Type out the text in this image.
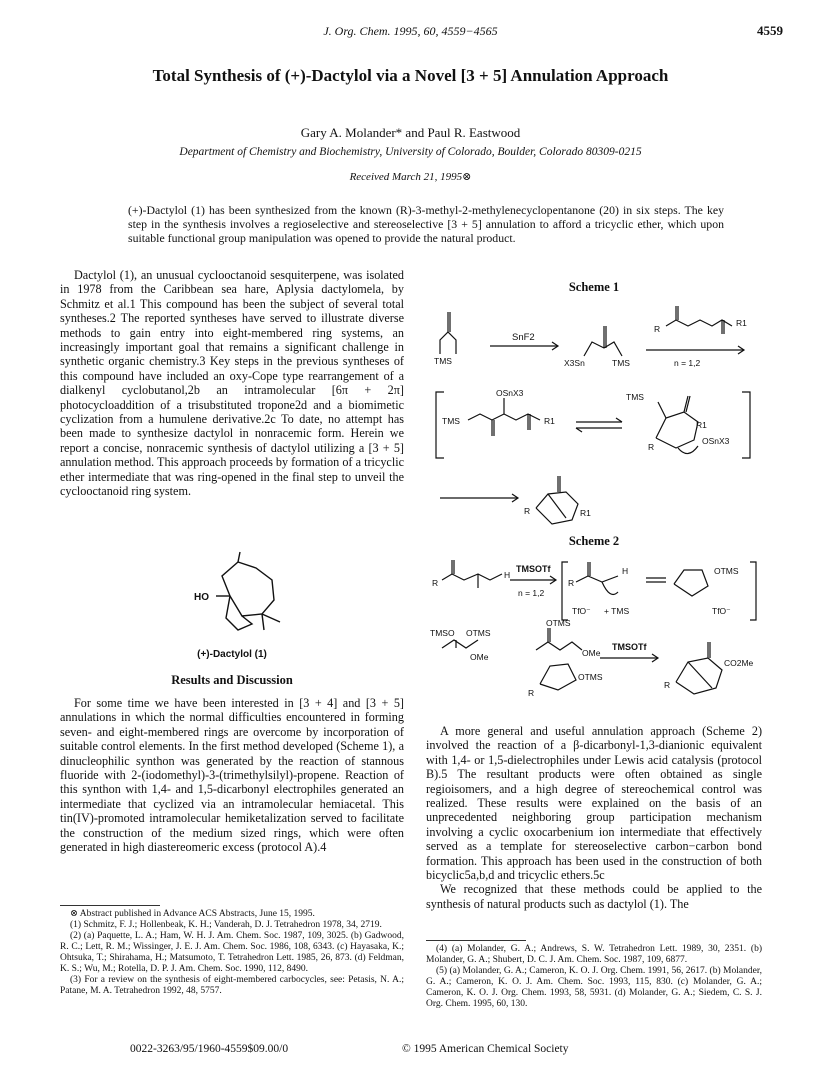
J. Org. Chem. 1995, 60, 4559−4565	4559
Total Synthesis of (+)-Dactylol via a Novel [3 + 5] Annulation Approach
Gary A. Molander* and Paul R. Eastwood
Department of Chemistry and Biochemistry, University of Colorado, Boulder, Colorado 80309-0215
Received March 21, 1995⊗
(+)-Dactylol (1) has been synthesized from the known (R)-3-methyl-2-methylenecyclopentanone (20) in six steps. The key step in the synthesis involves a regioselective and stereoselective [3 + 5] annulation to afford a tricyclic ether, which upon suitable functional group manipulation was opened to provide the natural product.

Dactylol (1), an unusual cyclooctanoid sesquiterpene, was isolated in 1978 from the Caribbean sea hare, Aplysia dactylomela, by Schmitz et al.1 This compound has been the subject of several total syntheses.2 The reported syntheses have served to illustrate diverse methods to gain entry into eight-membered ring systems, an increasingly important goal that remains a significant challenge in synthetic organic chemistry.3 Key steps in the previous syntheses of this compound have included an oxy-Cope type rearrangement of a dialkenyl cyclobutanol,2b an intramolecular [6π + 2π] photocycloaddition of a trisubstituted tropone2d and a biomimetic cyclization from a humulene derivative.2c To date, no attempt has been made to synthesize dactylol in nonracemic form. Herein we report a concise, nonracemic synthesis of dactylol utilizing a [3 + 5] annulation method. This approach proceeds by formation of a tricyclic ether intermediate that was ring-opened in the final step to unveil the cyclooctanoid ring system.

HO
(+)-Dactylol (1)
Results and Discussion

For some time we have been interested in [3 + 4] and [3 + 5] annulations in which the normal difficulties encountered in forming seven- and eight-membered rings are overcome by incorporation of suitable control elements. In the first method developed (Scheme 1), a dinucleophilic synthon was generated by the reaction of stannous fluoride with 2-(iodomethyl)-3-(trimethylsilyl)-propene. Reaction of this synthon with 1,4- and 1,5-dicarbonyl electrophiles generated an intermediate that cyclized via an intramolecular hemiacetal. This tin(IV)-promoted intramolecular hemiketalization served to facilitate the construction of the medium sized rings, which were often generated in high diastereomeric excess (protocol A).4

⊗ Abstract published in Advance ACS Abstracts, June 15, 1995.

(1) Schmitz, F. J.; Hollenbeak, K. H.; Vanderah, D. J. Tetrahedron 1978, 34, 2719.

(2) (a) Paquette, L. A.; Ham, W. H. J. Am. Chem. Soc. 1987, 109, 3025. (b) Gadwood, R. C.; Lett, R. M.; Wissinger, J. E. J. Am. Chem. Soc. 1986, 108, 6343. (c) Hayasaka, K.; Ohtsuka, T.; Shirahama, H.; Matsumoto, T. Tetrahedron Lett. 1985, 26, 873. (d) Feldman, K. S.; Wu, M.; Rotella, D. P. J. Am. Chem. Soc. 1990, 112, 8490.

(3) For a review on the synthesis of eight-membered carbocycles, see: Petasis, N. A.; Patane, M. A. Tetrahedron 1992, 48, 5757.

Scheme 1
TMS
SnF2
X3Sn	TMS
R
R1
n = 1,2
TMS
OSnX3
R1
TMS
R1
OSnX3
R
R	R1
Scheme 2
R
H
TMSOTf
n = 1,2
R
H
TfO⁻ + TMS
OTMS
TfO⁻
TMSO OTMS
OMe
OTMS
OMe
OTMS
R
TMSOTf
CO2Me
R

A more general and useful annulation approach (Scheme 2) involved the reaction of a β-dicarbonyl-1,3-dianionic equivalent with 1,4- or 1,5-dielectrophiles under Lewis acid catalysis (protocol B).5 The resultant products were often obtained as single regioisomers, and a high degree of stereochemical control was realized. These results were explained on the basis of an unprecedented neighboring group participation mechanism involving a cyclic oxocarbenium ion intermediate that effectively served as a template for stereoselective carbon−carbon bond formation. This approach has been used in the construction of both bicyclic5a,b,d and tricyclic ethers.5c

We recognized that these methods could be applied to the synthesis of natural products such as dactylol (1). The

(4) (a) Molander, G. A.; Andrews, S. W. Tetrahedron Lett. 1989, 30, 2351. (b) Molander, G. A.; Shubert, D. C. J. Am. Chem. Soc. 1987, 109, 6877.

(5) (a) Molander, G. A.; Cameron, K. O. J. Org. Chem. 1991, 56, 2617. (b) Molander, G. A.; Cameron, K. O. J. Am. Chem. Soc. 1993, 115, 830. (c) Molander, G. A.; Cameron, K. O. J. Org. Chem. 1993, 58, 5931. (d) Molander, G. A.; Siedem, C. S. J. Org. Chem. 1995, 60, 130.

0022-3263/95/1960-4559$09.00/0	© 1995 American Chemical Society
